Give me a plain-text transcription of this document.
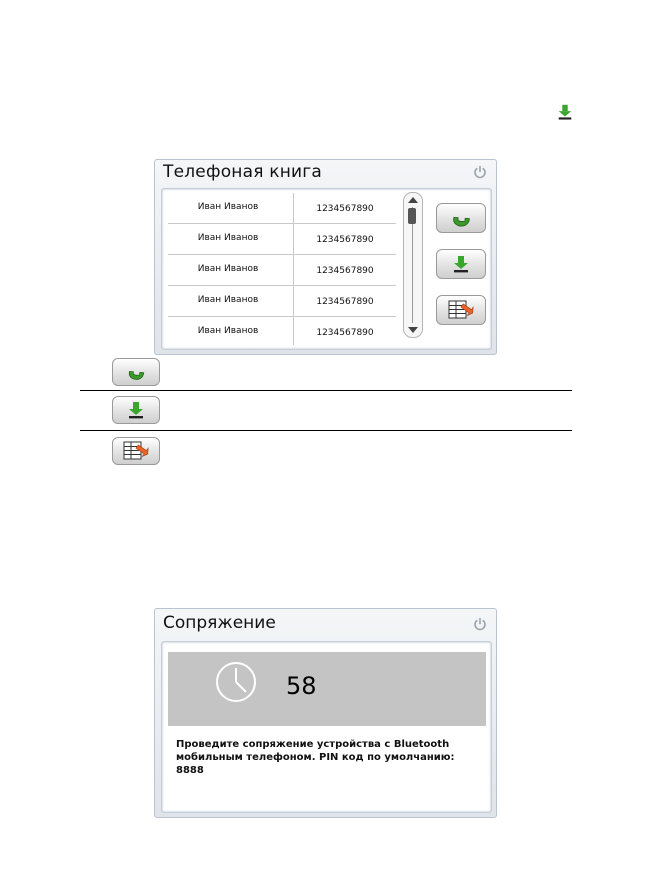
Телефоная книга
Иван Иванов	1234567890
Иван Иванов	1234567890
Иван Иванов	1234567890
Иван Иванов	1234567890
Иван Иванов	1234567890
Сопряжение
58
Проведите сопряжение устройства с Bluetooth
мобильным телефоном. PIN код по умолчанию:
8888
